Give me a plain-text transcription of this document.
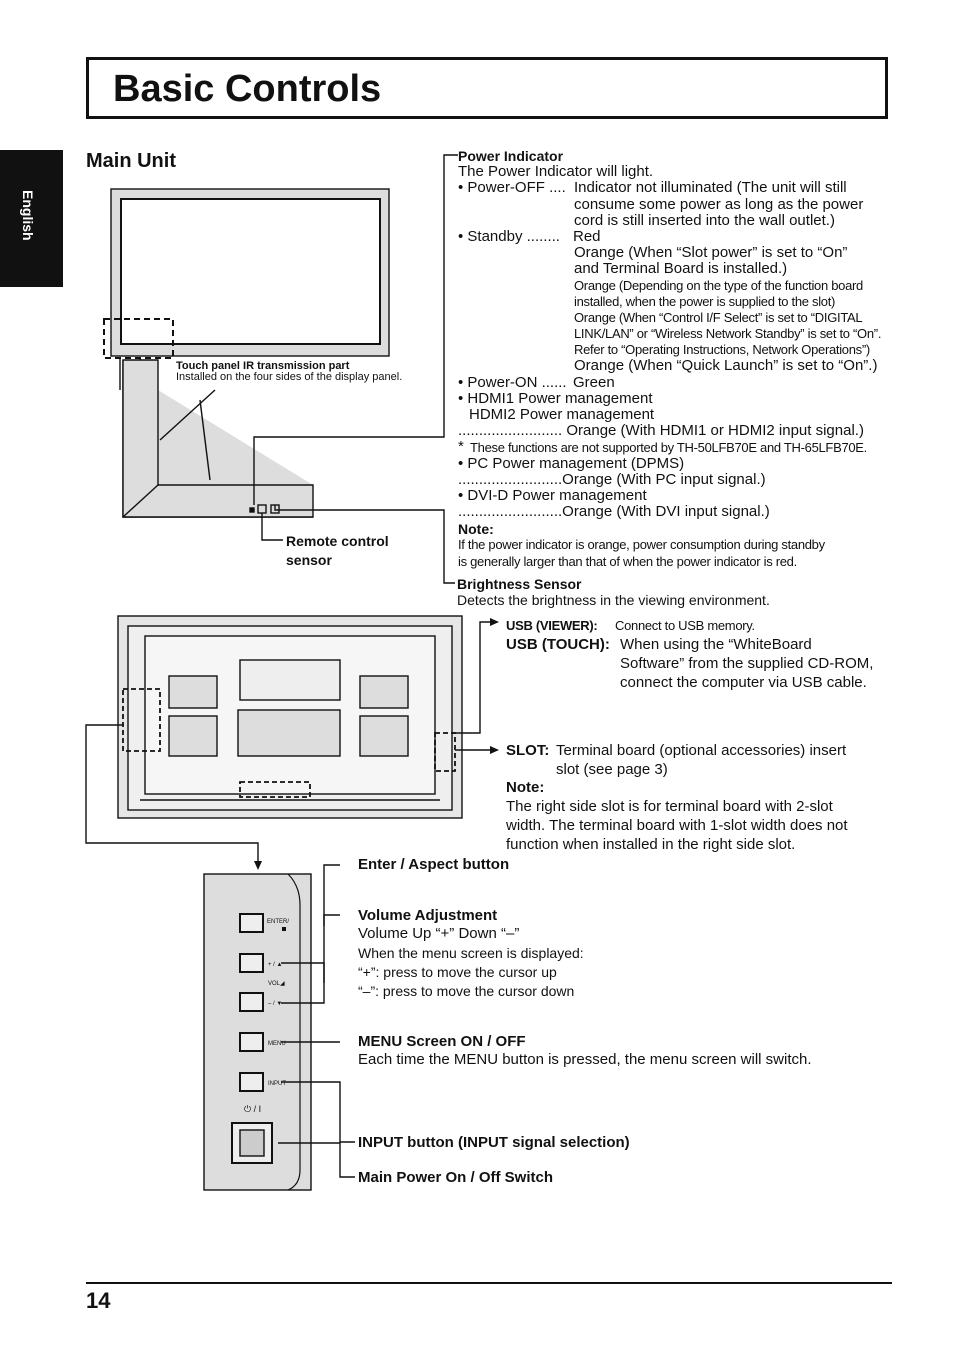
Basic Controls
English
Main Unit
ENTER/
+ / ▲
VOL◢
– / ▼
MENU
INPUT
⏻ / I
Touch panel IR transmission part
Installed on the four sides of the display panel.
Remote control
sensor
Power Indicator
The Power Indicator will light.
• Power-OFF .... Indicator not illuminated (The unit will still
consume some power as long as the power
cord is still inserted into the wall outlet.)
• Standby ........ Red
Orange (When “Slot power” is set to “On”
and Terminal Board is installed.)
Orange (Depending on the type of the function board
installed, when the power is supplied to the slot)
Orange (When “Control I/F Select” is set to “DIGITAL
LINK/LAN” or “Wireless Network Standby” is set to “On”.
Refer to “Operating Instructions, Network Operations”)
Orange (When “Quick Launch” is set to “On”.)
• Power-ON ...... Green
• HDMI1 Power management
HDMI2 Power management
......................... Orange (With HDMI1 or HDMI2 input signal.)
* These functions are not supported by TH-50LFB70E and TH-65LFB70E.
• PC Power management (DPMS)
.........................Orange (With PC input signal.)
• DVI-D Power management
.........................Orange (With DVI input signal.)
Note:
If the power indicator is orange, power consumption during standby
is generally larger than that of when the power indicator is red.
Brightness Sensor
Detects the brightness in the viewing environment.
USB (VIEWER): Connect to USB memory.
USB (TOUCH): When using the “WhiteBoard
Software” from the supplied CD-ROM,
connect the computer via USB cable.
SLOT: Terminal board (optional accessories) insert
slot (see page 3)
Note:
The right side slot is for terminal board with 2-slot
width. The terminal board with 1-slot width does not
function when installed in the right side slot.
Enter / Aspect button
Volume Adjustment
Volume Up “+” Down “–”
When the menu screen is displayed:
“+”: press to move the cursor up
“–”: press to move the cursor down
MENU Screen ON / OFF
Each time the MENU button is pressed, the menu screen will switch.
INPUT button (INPUT signal selection)
Main Power On / Off Switch
14
